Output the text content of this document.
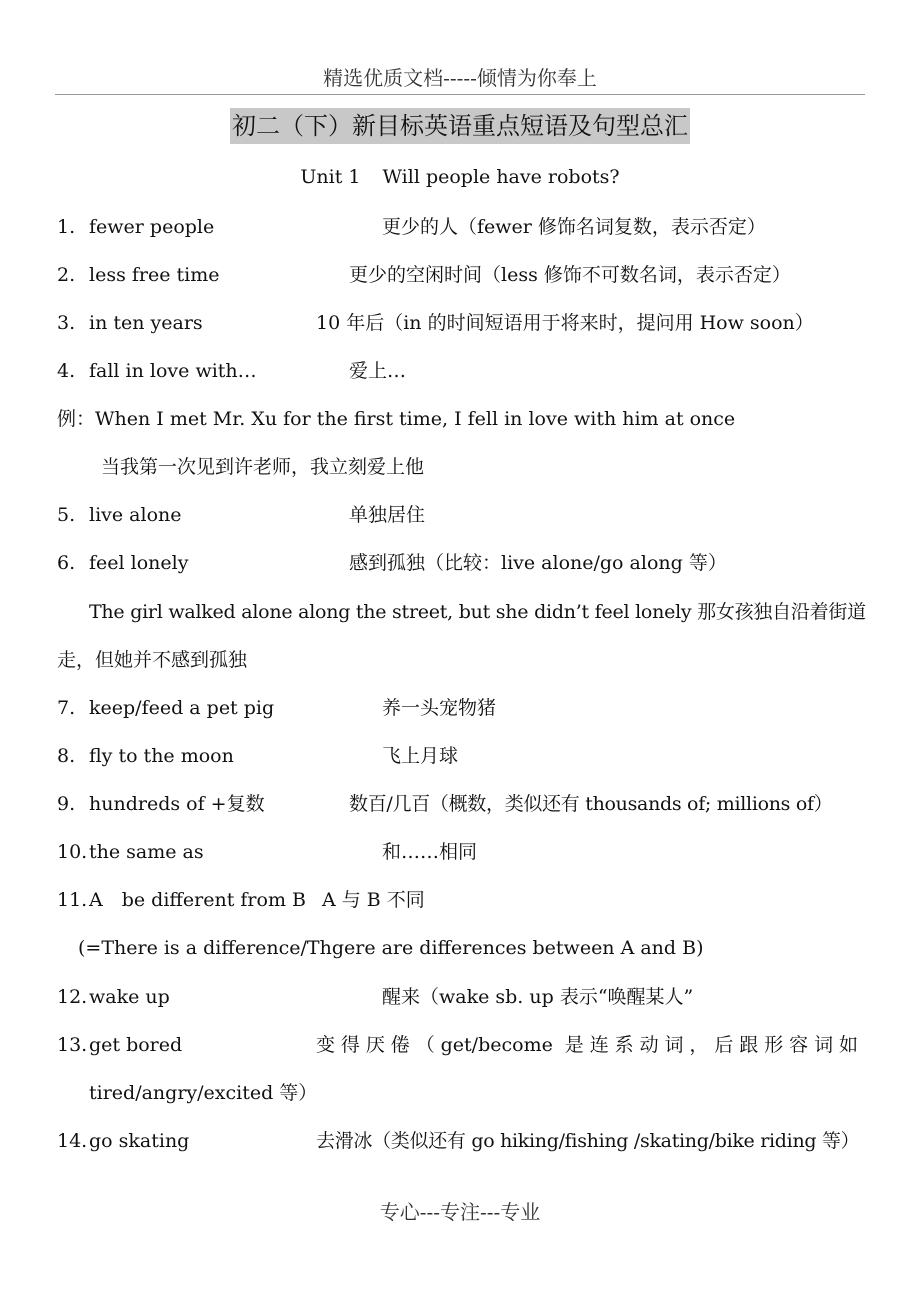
精选优质文档-----倾情为你奉上
初二（下）新目标英语重点短语及句型总汇
Unit 1 Will people have robots?
1. fewer people	更少的人（fewer 修饰名词复数，表示否定）
2. less free time	更少的空闲时间（less 修饰不可数名词，表示否定）
3. in ten years	10 年后（in 的时间短语用于将来时，提问用 How soon）
4. fall in love with…	爱上…
例：When I met Mr. Xu for the first time, I fell in love with him at once
当我第一次见到许老师，我立刻爱上他
5. live alone	单独居住
6. feel lonely	感到孤独（比较：live alone/go along 等）
The girl walked alone along the street, but she didn’t feel lonely 那女孩独自沿着街道
走，但她并不感到孤独
7. keep/feed a pet pig	养一头宠物猪
8. fly to the moon	飞上月球
9. hundreds of +复数	数百/几百（概数，类似还有 thousands of; millions of）
10. the same as	和……相同
11. A　be different from B A 与 B 不同
(=There is a difference/Thgere are differences between A and B)
12. wake up	醒来（wake sb. up 表示“唤醒某人”
13. get bored	变得厌倦（get/become 是连系动词，后跟形容词如
tired/angry/excited 等）
14. go skating	去滑冰（类似还有 go hiking/fishing /skating/bike riding 等）
专心---专注---专业
